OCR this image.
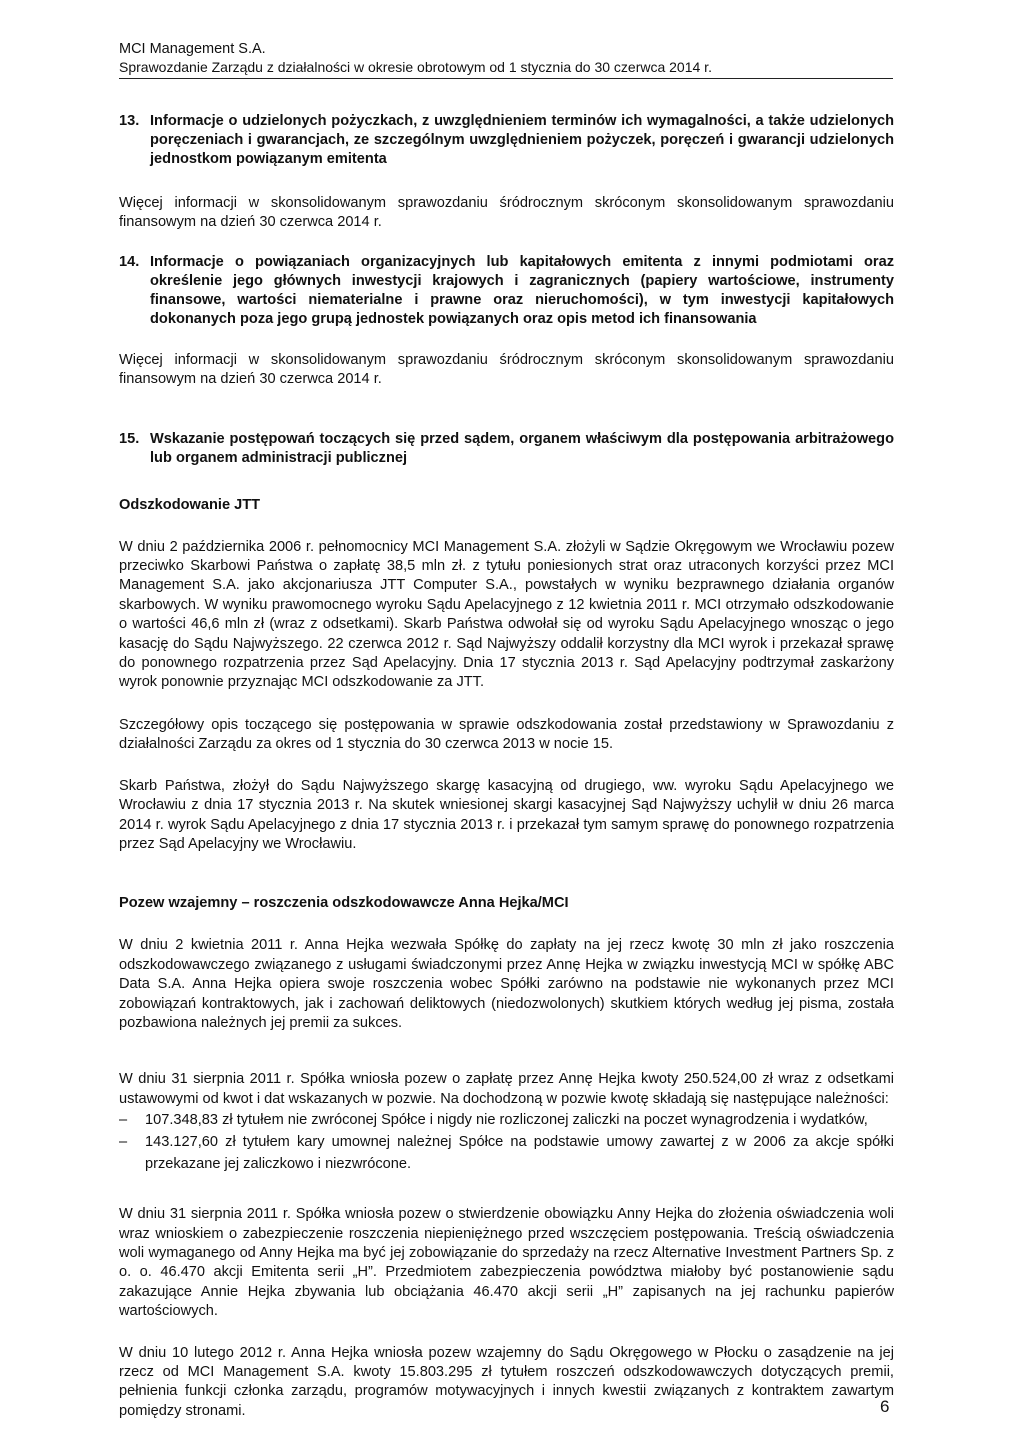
MCI Management S.A.
Sprawozdanie Zarządu z działalności w okresie obrotowym od 1 stycznia do 30 czerwca 2014 r.
13. Informacje o udzielonych pożyczkach, z uwzględnieniem terminów ich wymagalności, a także udzielonych poręczeniach i gwarancjach, ze szczególnym uwzględnieniem pożyczek, poręczeń i gwarancji udzielonych jednostkom powiązanym emitenta

Więcej informacji w skonsolidowanym sprawozdaniu śródrocznym skróconym skonsolidowanym sprawozdaniu finansowym na dzień 30 czerwca 2014 r.

14. Informacje o powiązaniach organizacyjnych lub kapitałowych emitenta z innymi podmiotami oraz określenie jego głównych inwestycji krajowych i zagranicznych (papiery wartościowe, instrumenty finansowe, wartości niematerialne i prawne oraz nieruchomości), w tym inwestycji kapitałowych dokonanych poza jego grupą jednostek powiązanych oraz opis metod ich finansowania

Więcej informacji w skonsolidowanym sprawozdaniu śródrocznym skróconym skonsolidowanym sprawozdaniu finansowym na dzień 30 czerwca 2014 r.

15. Wskazanie postępowań toczących się przed sądem, organem właściwym dla postępowania arbitrażowego lub organem administracji publicznej
Odszkodowanie JTT

W dniu 2 października 2006 r. pełnomocnicy MCI Management S.A. złożyli w Sądzie Okręgowym we Wrocławiu pozew przeciwko Skarbowi Państwa o zapłatę 38,5 mln zł. z tytułu poniesionych strat oraz utraconych korzyści przez MCI Management S.A. jako akcjonariusza JTT Computer S.A., powstałych w wyniku bezprawnego działania organów skarbowych. W wyniku prawomocnego wyroku Sądu Apelacyjnego z 12 kwietnia 2011 r. MCI otrzymało odszkodowanie o wartości 46,6 mln zł (wraz z odsetkami). Skarb Państwa odwołał się od wyroku Sądu Apelacyjnego wnosząc o jego kasację do Sądu Najwyższego. 22 czerwca 2012 r. Sąd Najwyższy oddalił korzystny dla MCI wyrok i przekazał sprawę do ponownego rozpatrzenia przez Sąd Apelacyjny. Dnia 17 stycznia 2013 r. Sąd Apelacyjny podtrzymał zaskarżony wyrok ponownie przyznając MCI odszkodowanie za JTT.

Szczegółowy opis toczącego się postępowania w sprawie odszkodowania został przedstawiony w Sprawozdaniu z działalności Zarządu za okres od 1 stycznia do 30 czerwca 2013 w nocie 15.

Skarb Państwa, złożył do Sądu Najwyższego skargę kasacyjną od drugiego, ww. wyroku Sądu Apelacyjnego we Wrocławiu z dnia 17 stycznia 2013 r. Na skutek wniesionej skargi kasacyjnej Sąd Najwyższy uchylił w dniu 26 marca 2014 r. wyrok Sądu Apelacyjnego z dnia 17 stycznia 2013 r. i przekazał tym samym sprawę do ponownego rozpatrzenia przez Sąd Apelacyjny we Wrocławiu.

Pozew wzajemny – roszczenia odszkodowawcze Anna Hejka/MCI

W dniu 2 kwietnia 2011 r. Anna Hejka wezwała Spółkę do zapłaty na jej rzecz kwotę 30 mln zł jako roszczenia odszkodowawczego związanego z usługami świadczonymi przez Annę Hejka w związku inwestycją MCI w spółkę ABC Data S.A. Anna Hejka opiera swoje roszczenia wobec Spółki zarówno na podstawie nie wykonanych przez MCI zobowiązań kontraktowych, jak i zachowań deliktowych (niedozwolonych) skutkiem których według jej pisma, została pozbawiona należnych jej premii za sukces.

W dniu 31 sierpnia 2011 r. Spółka wniosła pozew o zapłatę przez Annę Hejka kwoty 250.524,00 zł wraz z odsetkami ustawowymi od kwot i dat wskazanych w pozwie. Na dochodzoną w pozwie kwotę składają się następujące należności:

–	107.348,83 zł tytułem nie zwróconej Spółce i nigdy nie rozliczonej zaliczki na poczet wynagrodzenia i wydatków,
–	143.127,60 zł tytułem kary umownej należnej Spółce na podstawie umowy zawartej z w 2006 za akcje spółki przekazane jej zaliczkowo i niezwrócone.

W dniu 31 sierpnia 2011 r. Spółka wniosła pozew o stwierdzenie obowiązku Anny Hejka do złożenia oświadczenia woli wraz wnioskiem o zabezpieczenie roszczenia niepieniężnego przed wszczęciem postępowania. Treścią oświadczenia woli wymaganego od Anny Hejka ma być jej zobowiązanie do sprzedaży na rzecz Alternative Investment Partners Sp. z o. o. 46.470 akcji Emitenta serii „H”. Przedmiotem zabezpieczenia powództwa miałoby być postanowienie sądu zakazujące Annie Hejka zbywania lub obciążania 46.470 akcji serii „H” zapisanych na jej rachunku papierów wartościowych.

W dniu 10 lutego 2012 r. Anna Hejka wniosła pozew wzajemny do Sądu Okręgowego w Płocku o zasądzenie na jej rzecz od MCI Management S.A. kwoty 15.803.295 zł tytułem roszczeń odszkodowawczych dotyczących premii, pełnienia funkcji członka zarządu, programów motywacyjnych i innych kwestii związanych z kontraktem zawartym pomiędzy stronami.	6
